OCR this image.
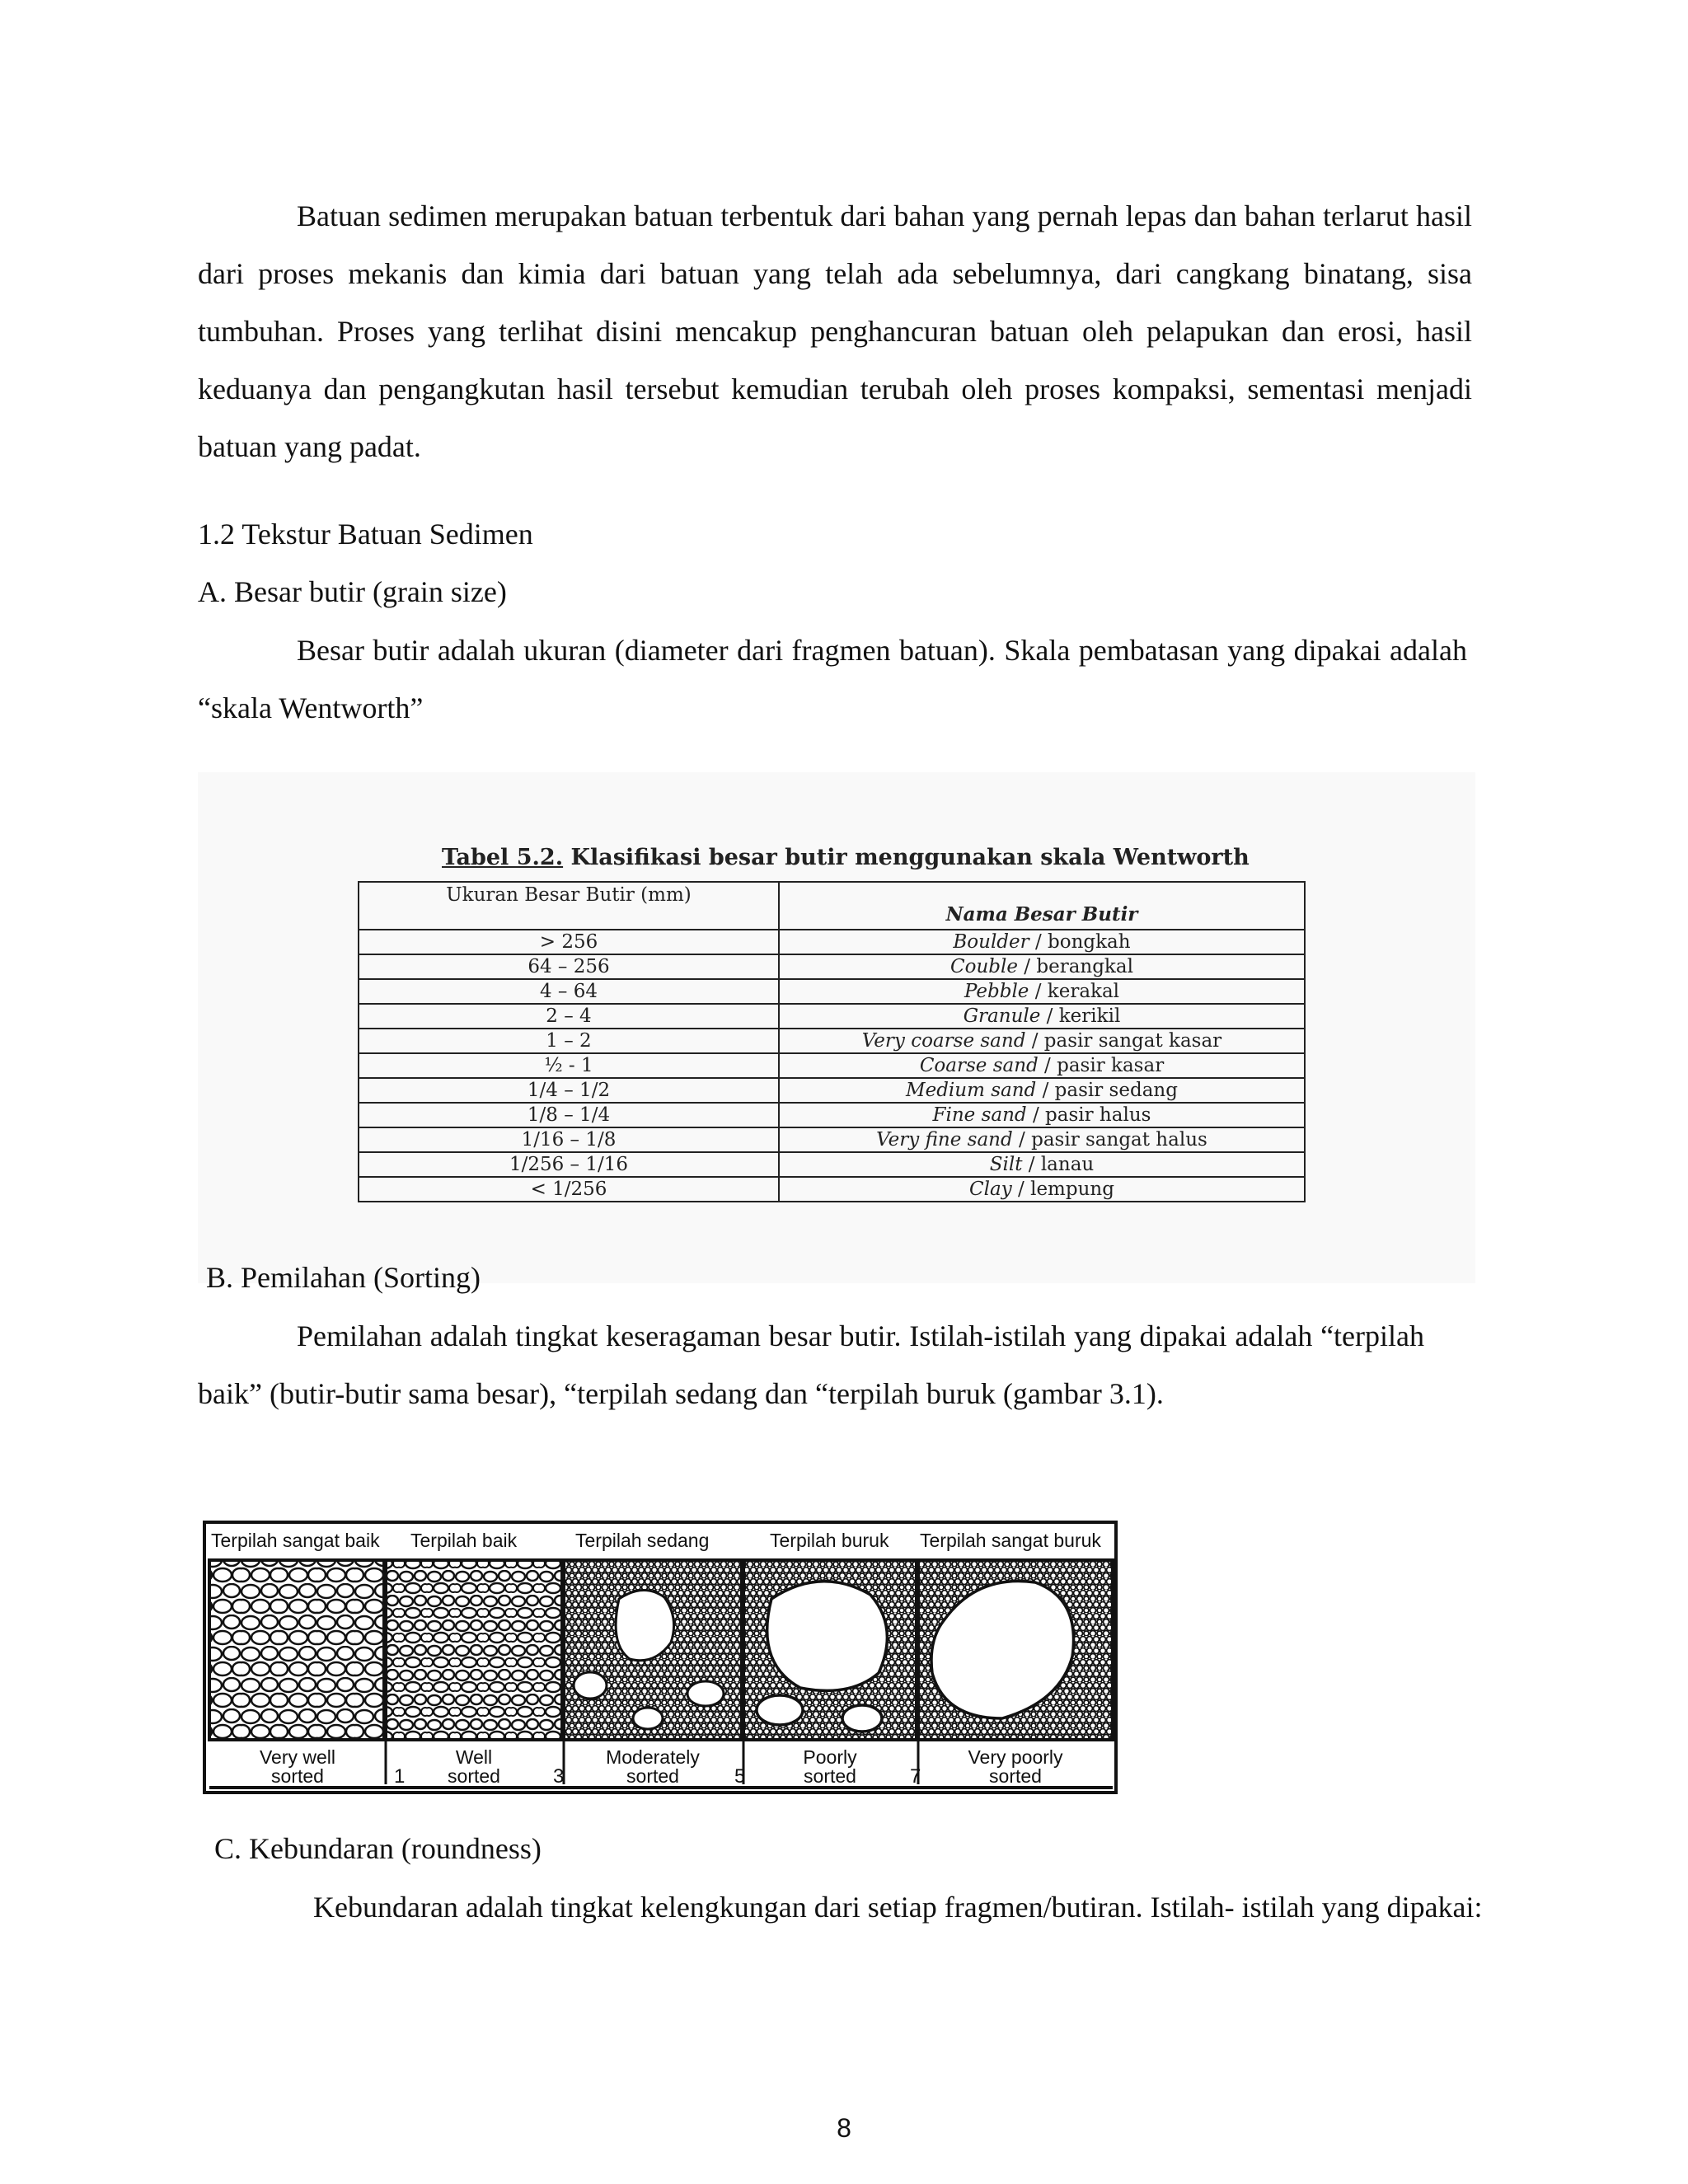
Batuan sedimen merupakan batuan terbentuk dari bahan yang pernah lepas dan bahan terlarut hasil dari proses mekanis dan kimia dari batuan yang telah ada sebelumnya, dari cangkang binatang, sisa tumbuhan. Proses yang terlihat disini mencakup penghancuran batuan oleh pelapukan dan erosi, hasil keduanya dan pengangkutan hasil tersebut kemudian terubah oleh proses kompaksi, sementasi menjadi batuan yang padat.

1.2 Tekstur Batuan Sedimen

A. Besar butir (grain size)

Besar butir adalah ukuran (diameter dari fragmen batuan). Skala pembatasan yang dipakai adalah “skala Wentworth”

Tabel 5.2. Klasifikasi besar butir menggunakan skala Wentworth
Ukuran Besar Butir (mm)	Nama Besar Butir
> 256	Boulder / bongkah
64 – 256	Couble / berangkal
4 – 64	Pebble / kerakal
2 – 4	Granule / kerikil
1 – 2	Very coarse sand / pasir sangat kasar
½ - 1	Coarse sand / pasir kasar
1/4 – 1/2	Medium sand / pasir sedang
1/8 – 1/4	Fine sand / pasir halus
1/16 – 1/8	Very fine sand / pasir sangat halus
1/256 – 1/16	Silt / lanau
< 1/256	Clay / lempung

B. Pemilahan (Sorting)

Pemilahan adalah tingkat keseragaman besar butir. Istilah-istilah yang dipakai adalah “terpilah baik” (butir-butir sama besar), “terpilah sedang dan “terpilah buruk (gambar 3.1).

Terpilah sangat baik Terpilah baik	Terpilah sedang	Terpilah buruk Terpilah sangat buruk
Very well
sorted
Well
sorted
Moderately
sorted
Poorly
sorted
Very poorly
sorted
1	3	5	7

C. Kebundaran (roundness)

Kebundaran adalah tingkat kelengkungan dari setiap fragmen/butiran. Istilah- istilah yang dipakai:

8
